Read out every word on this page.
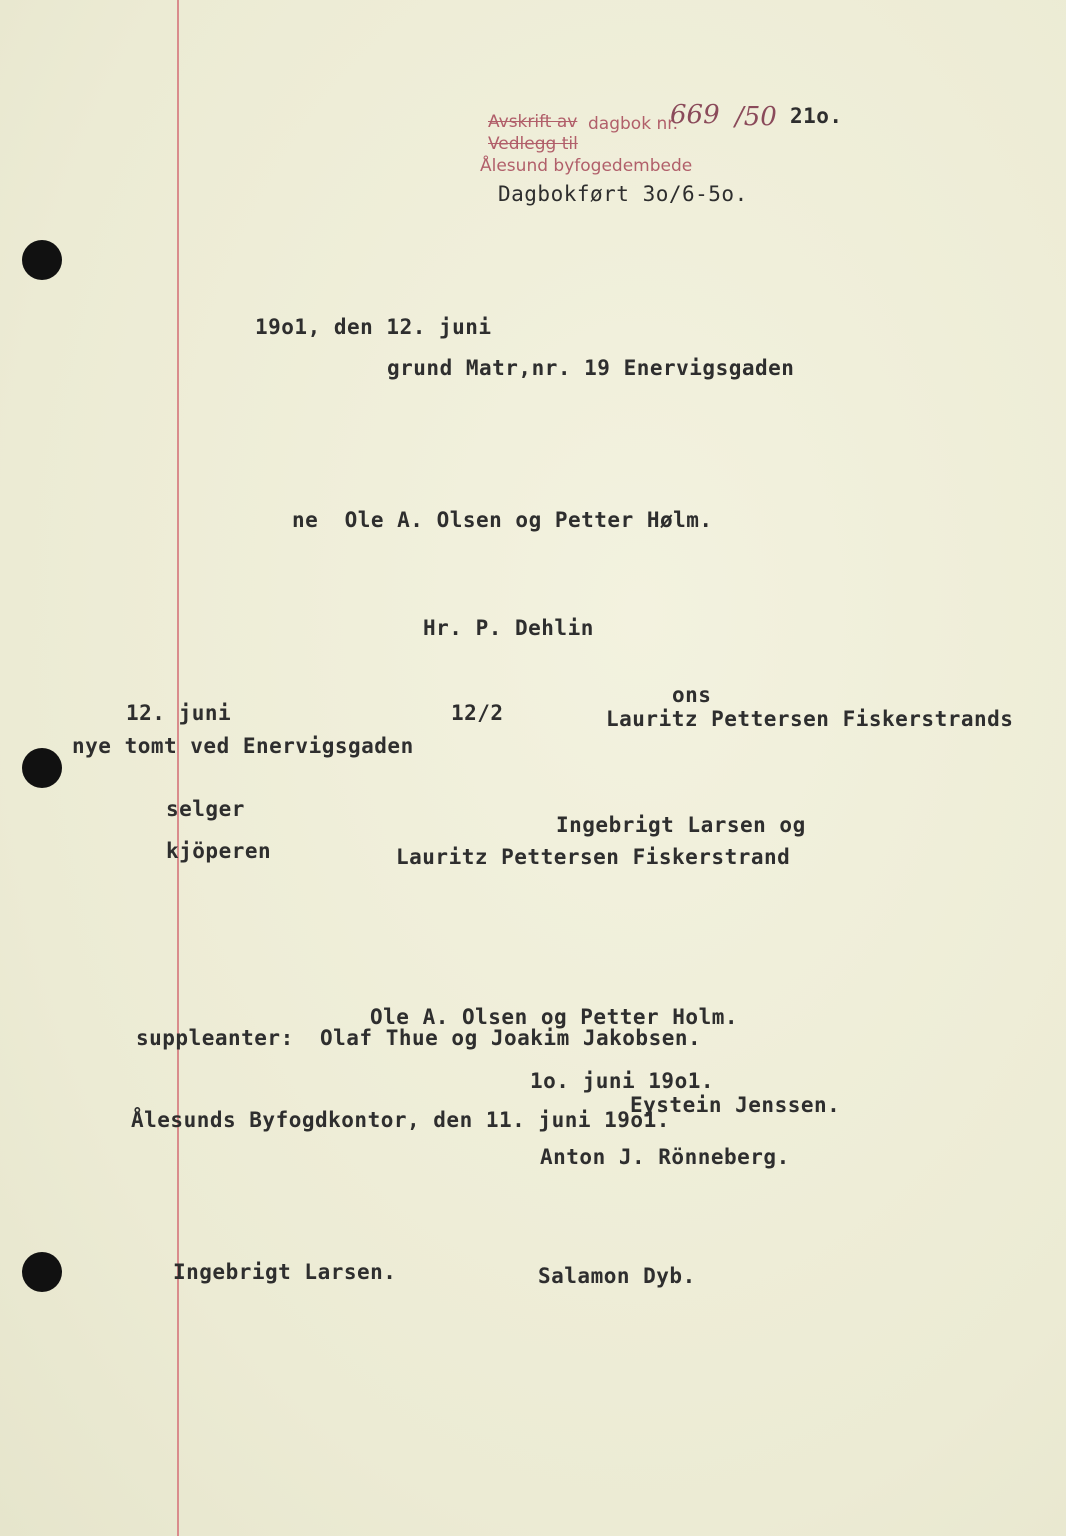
Avskrift av dagbok nr.
669 /50 21o.
Vedlegg til
Ålesund byfogedembede
Dagbokført 3o/6-5o.
19o1, den 12. juni
grund Matr,nr. 19 Enervigsgaden
ne  Ole A. Olsen og Petter Hølm.
Hr. P. Dehlin
ons
12. juni	12/2	Lauritz Pettersen Fiskerstrands
nye tomt ved Enervigsgaden
selger
Ingebrigt Larsen og
kjöperen	Lauritz Pettersen Fiskerstrand
Ole A. Olsen og Petter Holm.
suppleanter:  Olaf Thue og Joakim Jakobsen.
1o. juni 19o1.
Eystein Jenssen.
Ålesunds Byfogdkontor, den 11. juni 19o1.
Anton J. Rönneberg.
Ingebrigt Larsen.	Salamon Dyb.
